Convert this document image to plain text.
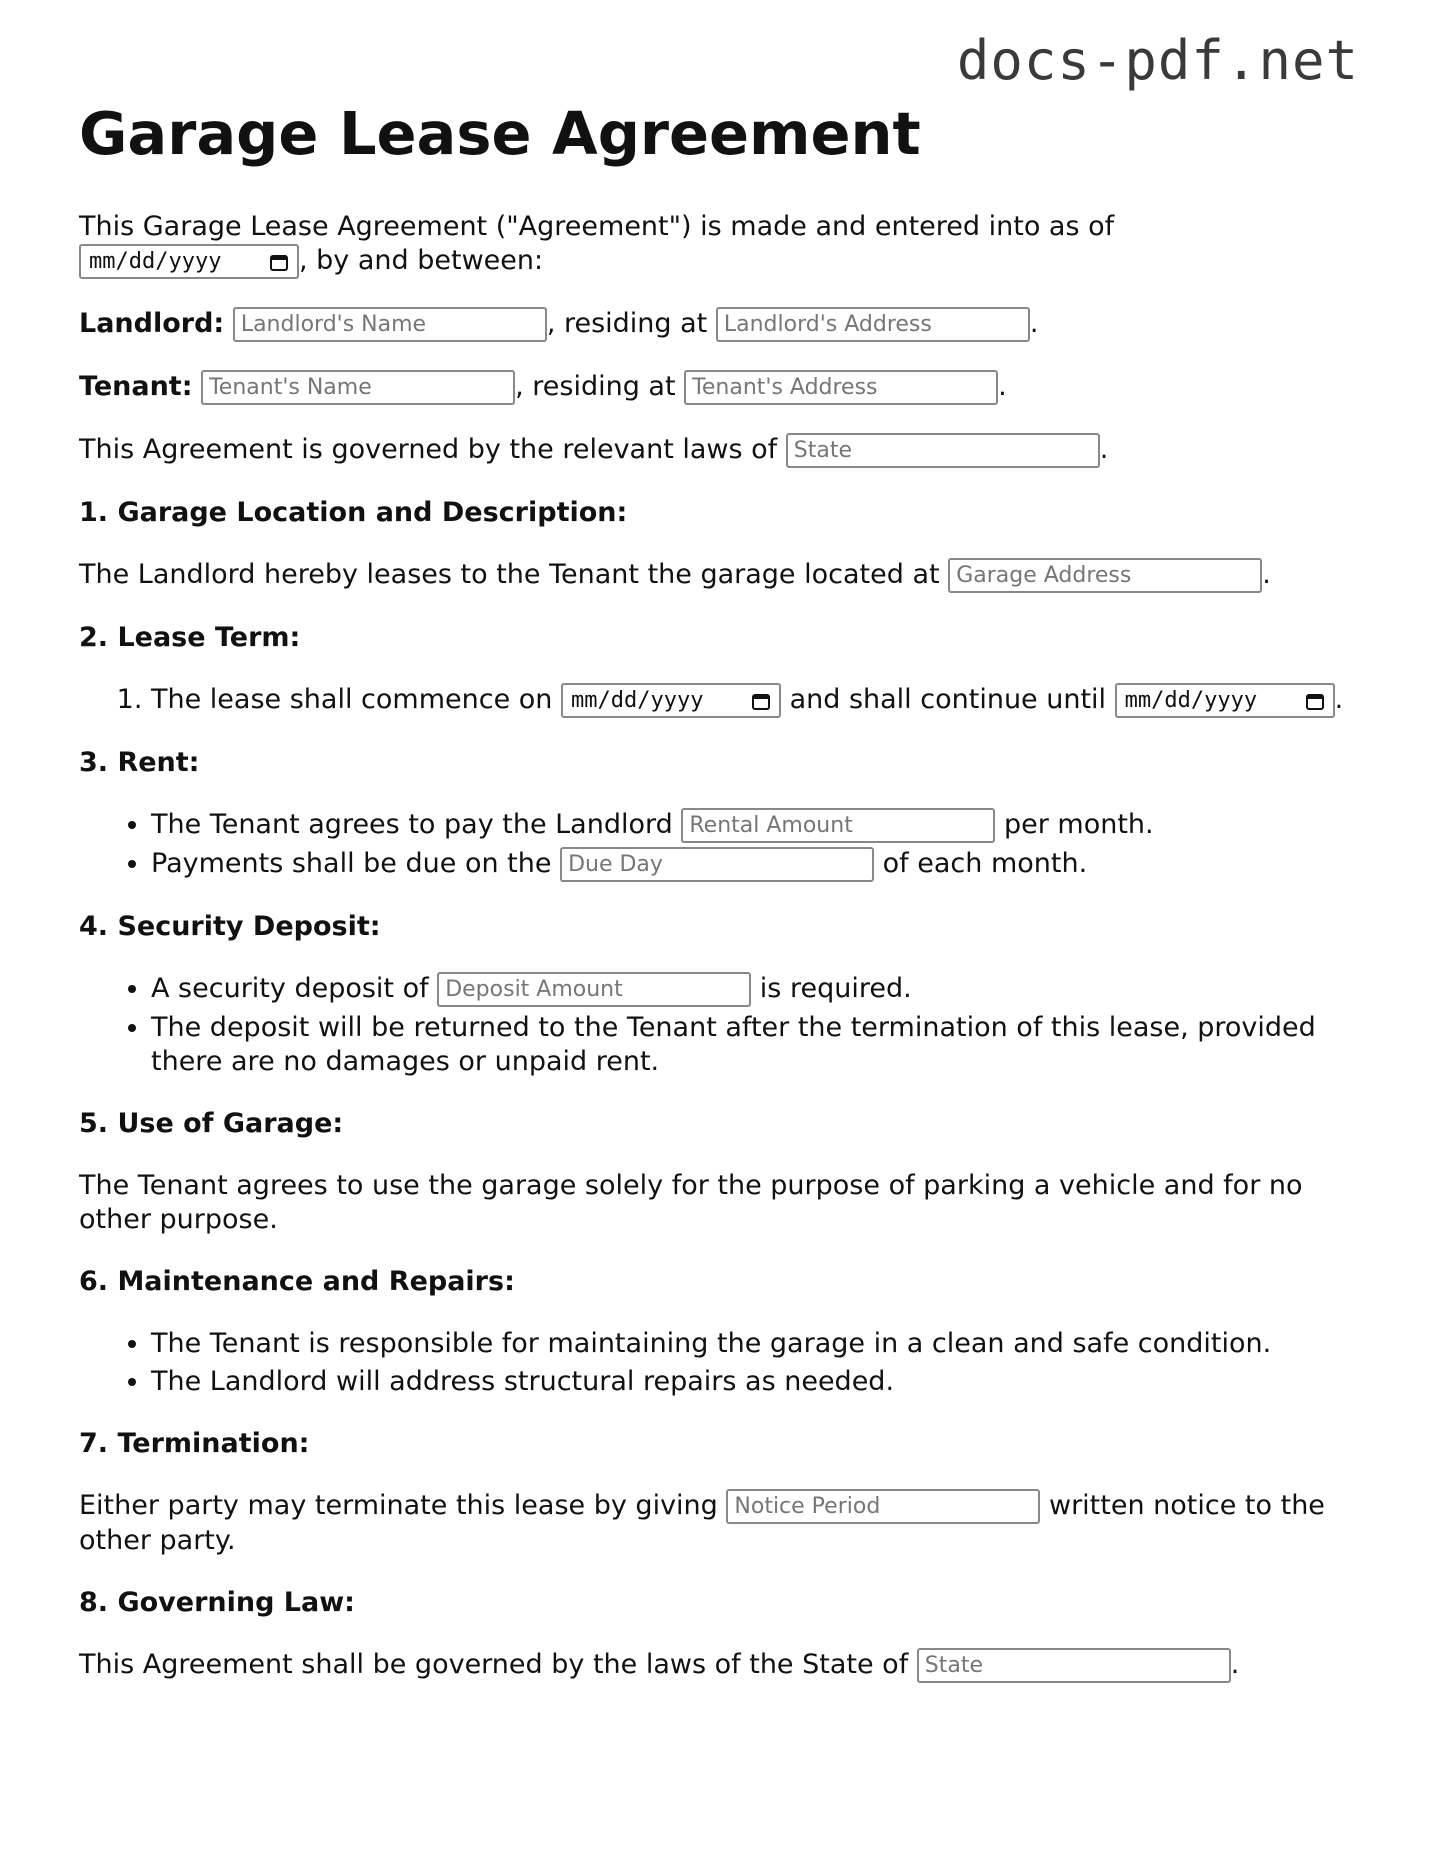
docs-pdf.net

Garage Lease Agreement

This Garage Lease Agreement ("Agreement") is made and entered into as of

mm/dd/yyyy	, by and between:

Landlord: Landlord's Name	, residing at Landlord's Address	.

Tenant: Tenant's Name	, residing at Tenant's Address	.

This Agreement is governed by the relevant laws of State	.

1. Garage Location and Description:

The Landlord hereby leases to the Tenant the garage located at Garage Address	.

2. Lease Term:
1. The lease shall commence on mm/dd/yyyy	and shall continue until mm/dd/yyyy	.
3. Rent:
• The Tenant agrees to pay the Landlord Rental Amount	per month.
• Payments shall be due on the Due Day	of each month.
4. Security Deposit:
• A security deposit of Deposit Amount	is required.
• The deposit will be returned to the Tenant after the termination of this lease, provided there are no damages or unpaid rent.
5. Use of Garage:

The Tenant agrees to use the garage solely for the purpose of parking a vehicle and for no other purpose.

6. Maintenance and Repairs:
• The Tenant is responsible for maintaining the garage in a clean and safe condition.
• The Landlord will address structural repairs as needed.
7. Termination:

Either party may terminate this lease by giving Notice Period	written notice to the other party.

8. Governing Law:

This Agreement shall be governed by the laws of the State of State	.
